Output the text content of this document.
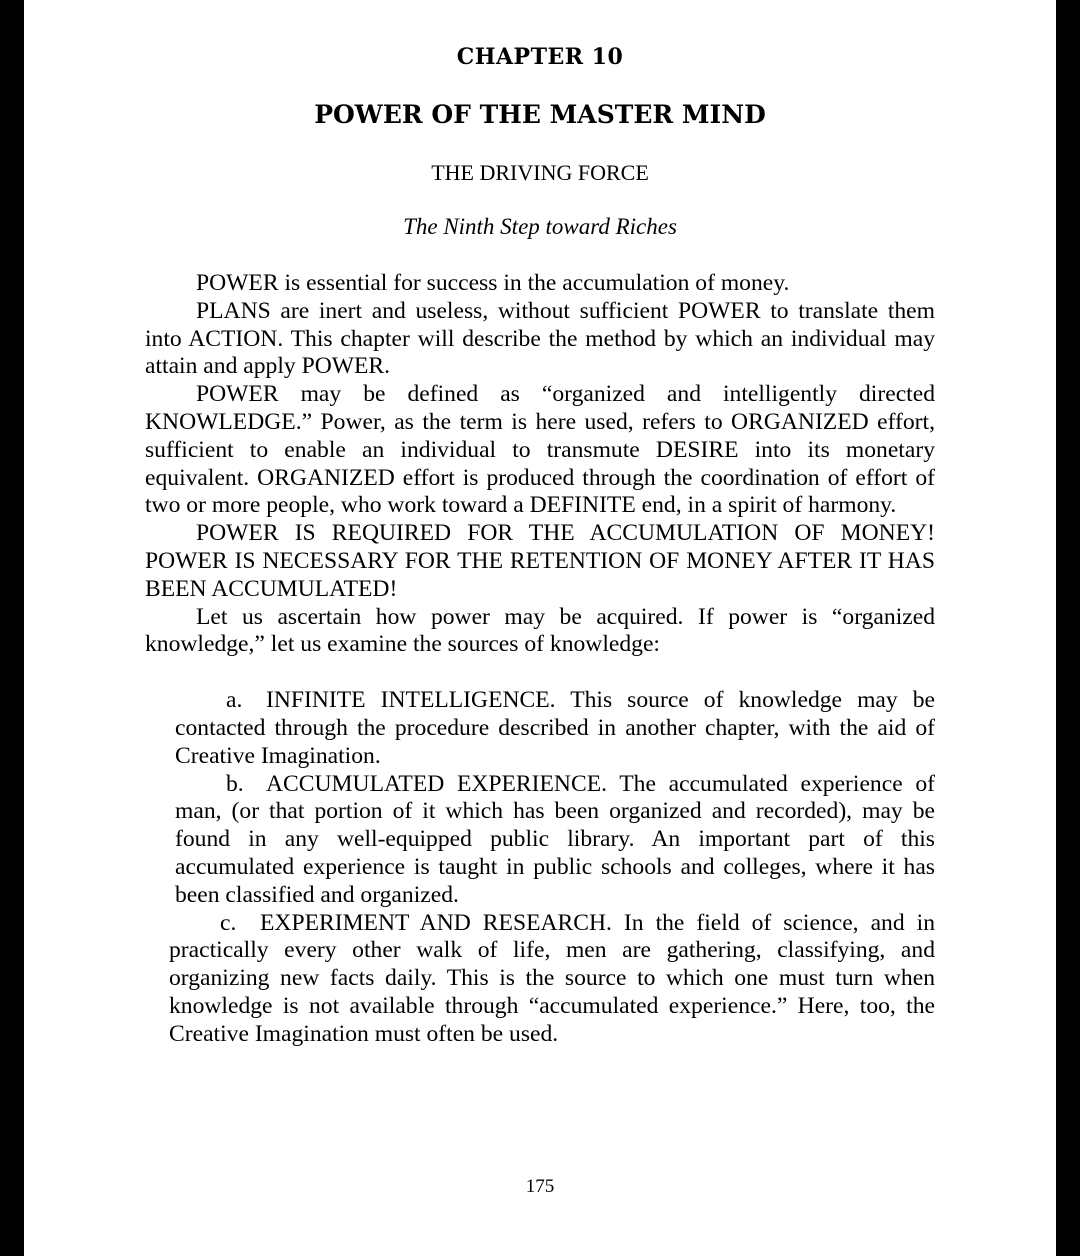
CHAPTER 10
POWER OF THE MASTER MIND

THE DRIVING FORCE

The Ninth Step toward Riches

POWER is essential for success in the accumulation of money.

PLANS are inert and useless, without sufficient POWER to translate them into ACTION. This chapter will describe the method by which an individual may attain and apply POWER.

POWER may be defined as “organized and intelligently directed KNOWLEDGE.” Power, as the term is here used, refers to ORGANIZED effort, sufficient to enable an individual to transmute DESIRE into its monetary equivalent. ORGANIZED effort is produced through the coordination of effort of two or more people, who work toward a DEFINITE end, in a spirit of harmony.

POWER IS REQUIRED FOR THE ACCUMULATION OF MONEY! POWER IS NECESSARY FOR THE RETENTION OF MONEY AFTER IT HAS BEEN ACCUMULATED!

Let us ascertain how power may be acquired. If power is “organized knowledge,” let us examine the sources of knowledge:

a. INFINITE INTELLIGENCE. This source of knowledge may be contacted through the procedure described in another chapter, with the aid of Creative Imagination.

b. ACCUMULATED EXPERIENCE. The accumulated experience of man, (or that portion of it which has been organized and recorded), may be found in any well-equipped public library. An important part of this accumulated experience is taught in public schools and colleges, where it has been classified and organized.

c. EXPERIMENT AND RESEARCH. In the field of science, and in practically every other walk of life, men are gathering, classifying, and organizing new facts daily. This is the source to which one must turn when knowledge is not available through “accumulated experience.” Here, too, the Creative Imagination must often be used.

175
